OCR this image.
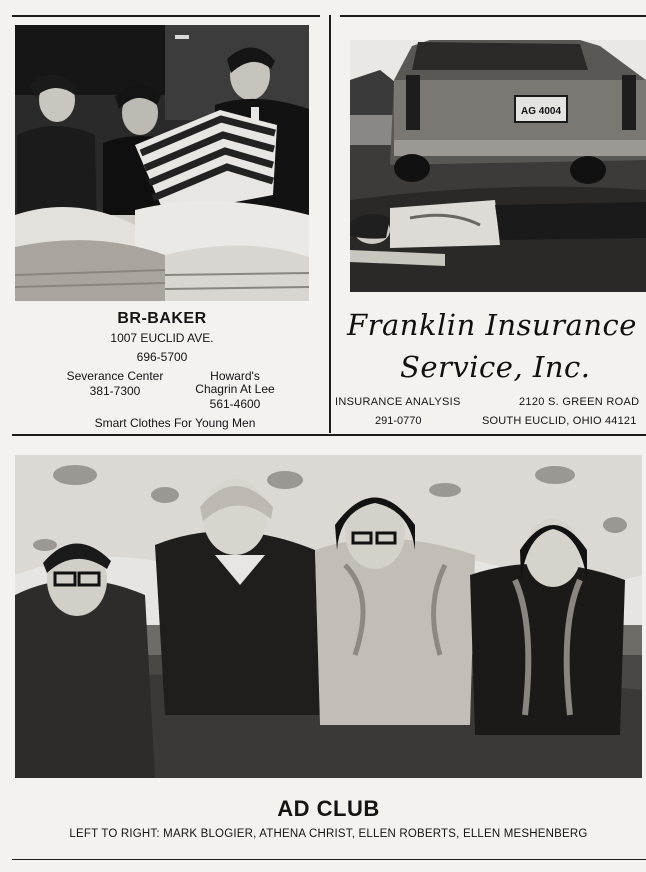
AG 4004
BR-BAKER
1007 EUCLID AVE.
696-5700
Severance Center
381-7300
Howard's
Chagrin At Lee
561-4600
Smart Clothes For Young Men
Franklin Insurance
Service, Inc.
INSURANCE ANALYSIS
291-0770
2120 S. GREEN ROAD
SOUTH EUCLID, OHIO 44121
AD CLUB
LEFT TO RIGHT: MARK BLOGIER, ATHENA CHRIST, ELLEN ROBERTS, ELLEN MESHENBERG
